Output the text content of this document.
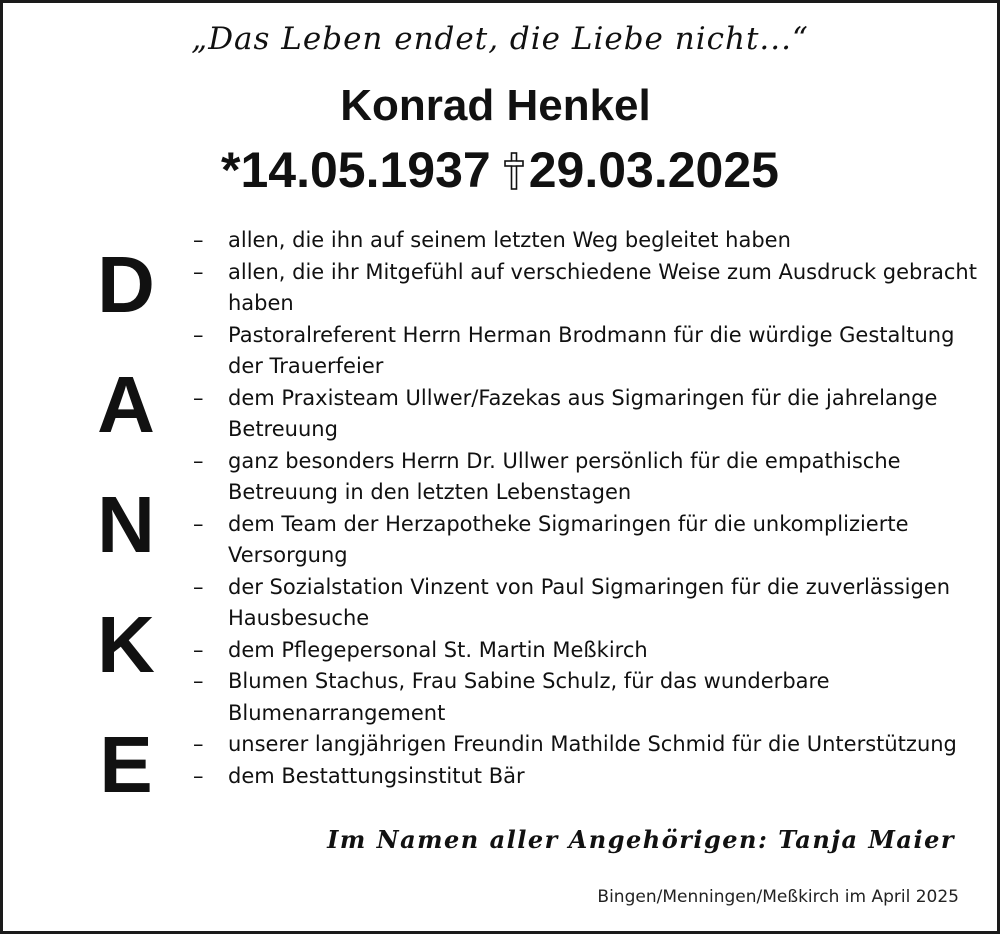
„Das Leben endet, die Liebe nicht...“
Konrad Henkel
*14.05.1937 29.03.2025
D
A
N
K
E
– allen, die ihn auf seinem letzten Weg begleitet haben
– allen, die ihr Mitgefühl auf verschiedene Weise zum Ausdruck gebracht haben
– Pastoralreferent Herrn Herman Brodmann für die würdige Gestaltung der Trauerfeier
– dem Praxisteam Ullwer/Fazekas aus Sigmaringen für die jahrelange Betreuung
– ganz besonders Herrn Dr. Ullwer persönlich für die empathische Betreuung in den letzten Lebenstagen
– dem Team der Herzapotheke Sigmaringen für die unkomplizierte Versorgung
– der Sozialstation Vinzent von Paul Sigmaringen für die zuverlässigen Hausbesuche
– dem Pflegepersonal St. Martin Meßkirch
– Blumen Stachus, Frau Sabine Schulz, für das wunderbare Blumenarrangement
– unserer langjährigen Freundin Mathilde Schmid für die Unterstützung
– dem Bestattungsinstitut Bär
Im Namen aller Angehörigen: Tanja Maier
Bingen/Menningen/Meßkirch im April 2025
